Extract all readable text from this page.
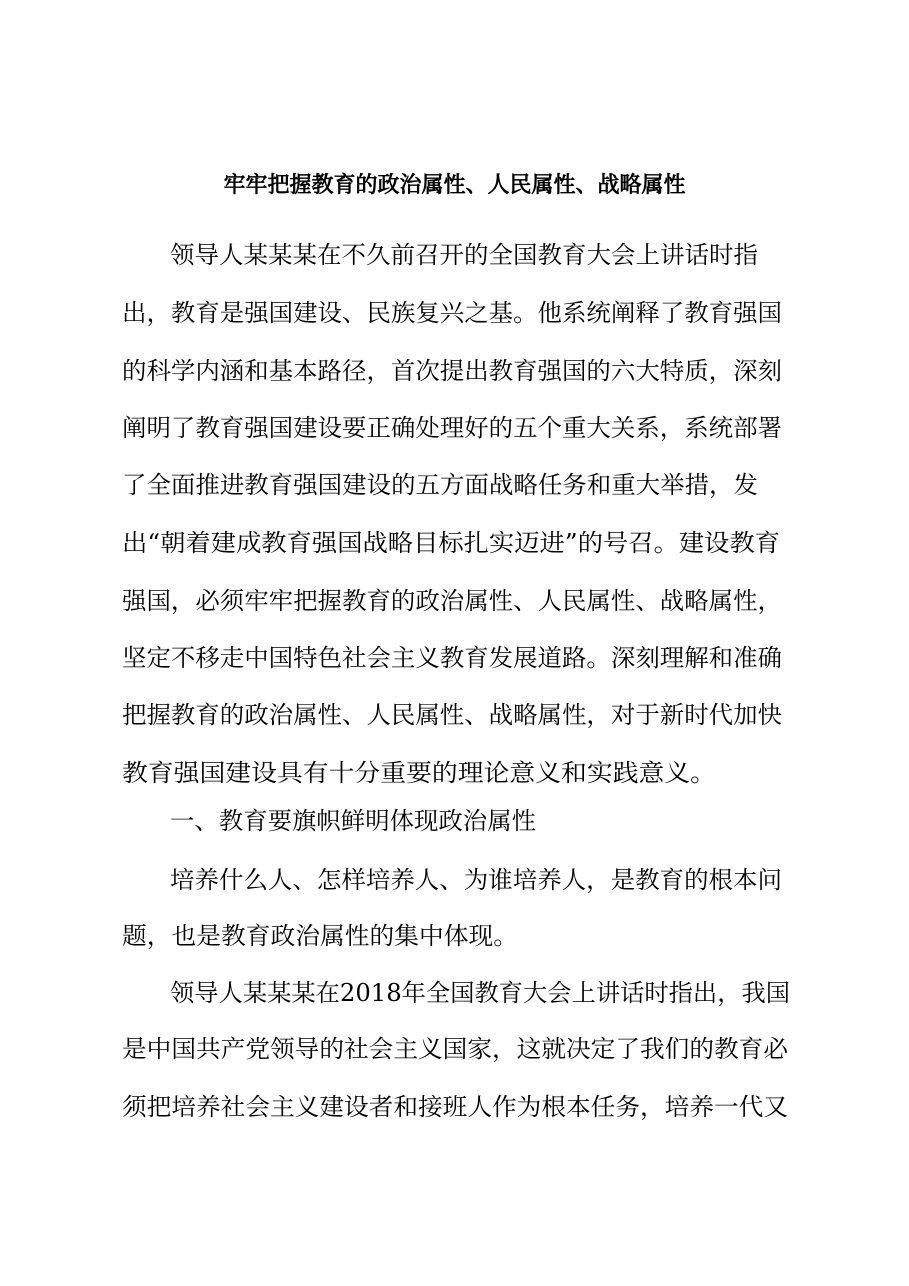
牢牢把握教育的政治属性、人民属性、战略属性
领导人某某某在不久前召开的全国教育大会上讲话时指
出，教育是强国建设、民族复兴之基。他系统阐释了教育强国
的科学内涵和基本路径，首次提出教育强国的六大特质，深刻
阐明了教育强国建设要正确处理好的五个重大关系，系统部署
了全面推进教育强国建设的五方面战略任务和重大举措，发
出“朝着建成教育强国战略目标扎实迈进”的号召。建设教育
强国，必须牢牢把握教育的政治属性、人民属性、战略属性，
坚定不移走中国特色社会主义教育发展道路。深刻理解和准确
把握教育的政治属性、人民属性、战略属性，对于新时代加快
教育强国建设具有十分重要的理论意义和实践意义。
一、教育要旗帜鲜明体现政治属性
培养什么人、怎样培养人、为谁培养人，是教育的根本问
题，也是教育政治属性的集中体现。
领导人某某某在2018年全国教育大会上讲话时指出，我国
是中国共产党领导的社会主义国家，这就决定了我们的教育必
须把培养社会主义建设者和接班人作为根本任务，培养一代又
